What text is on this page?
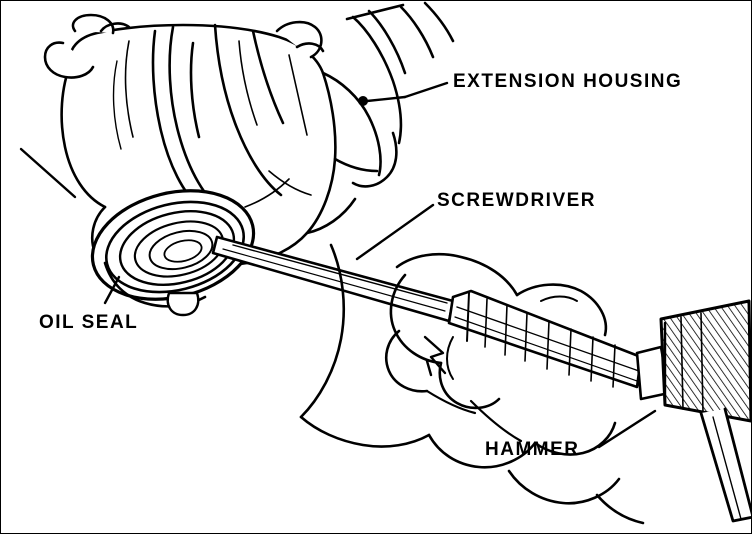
EXTENSION HOUSING
SCREWDRIVER
OIL SEAL
HAMMER
